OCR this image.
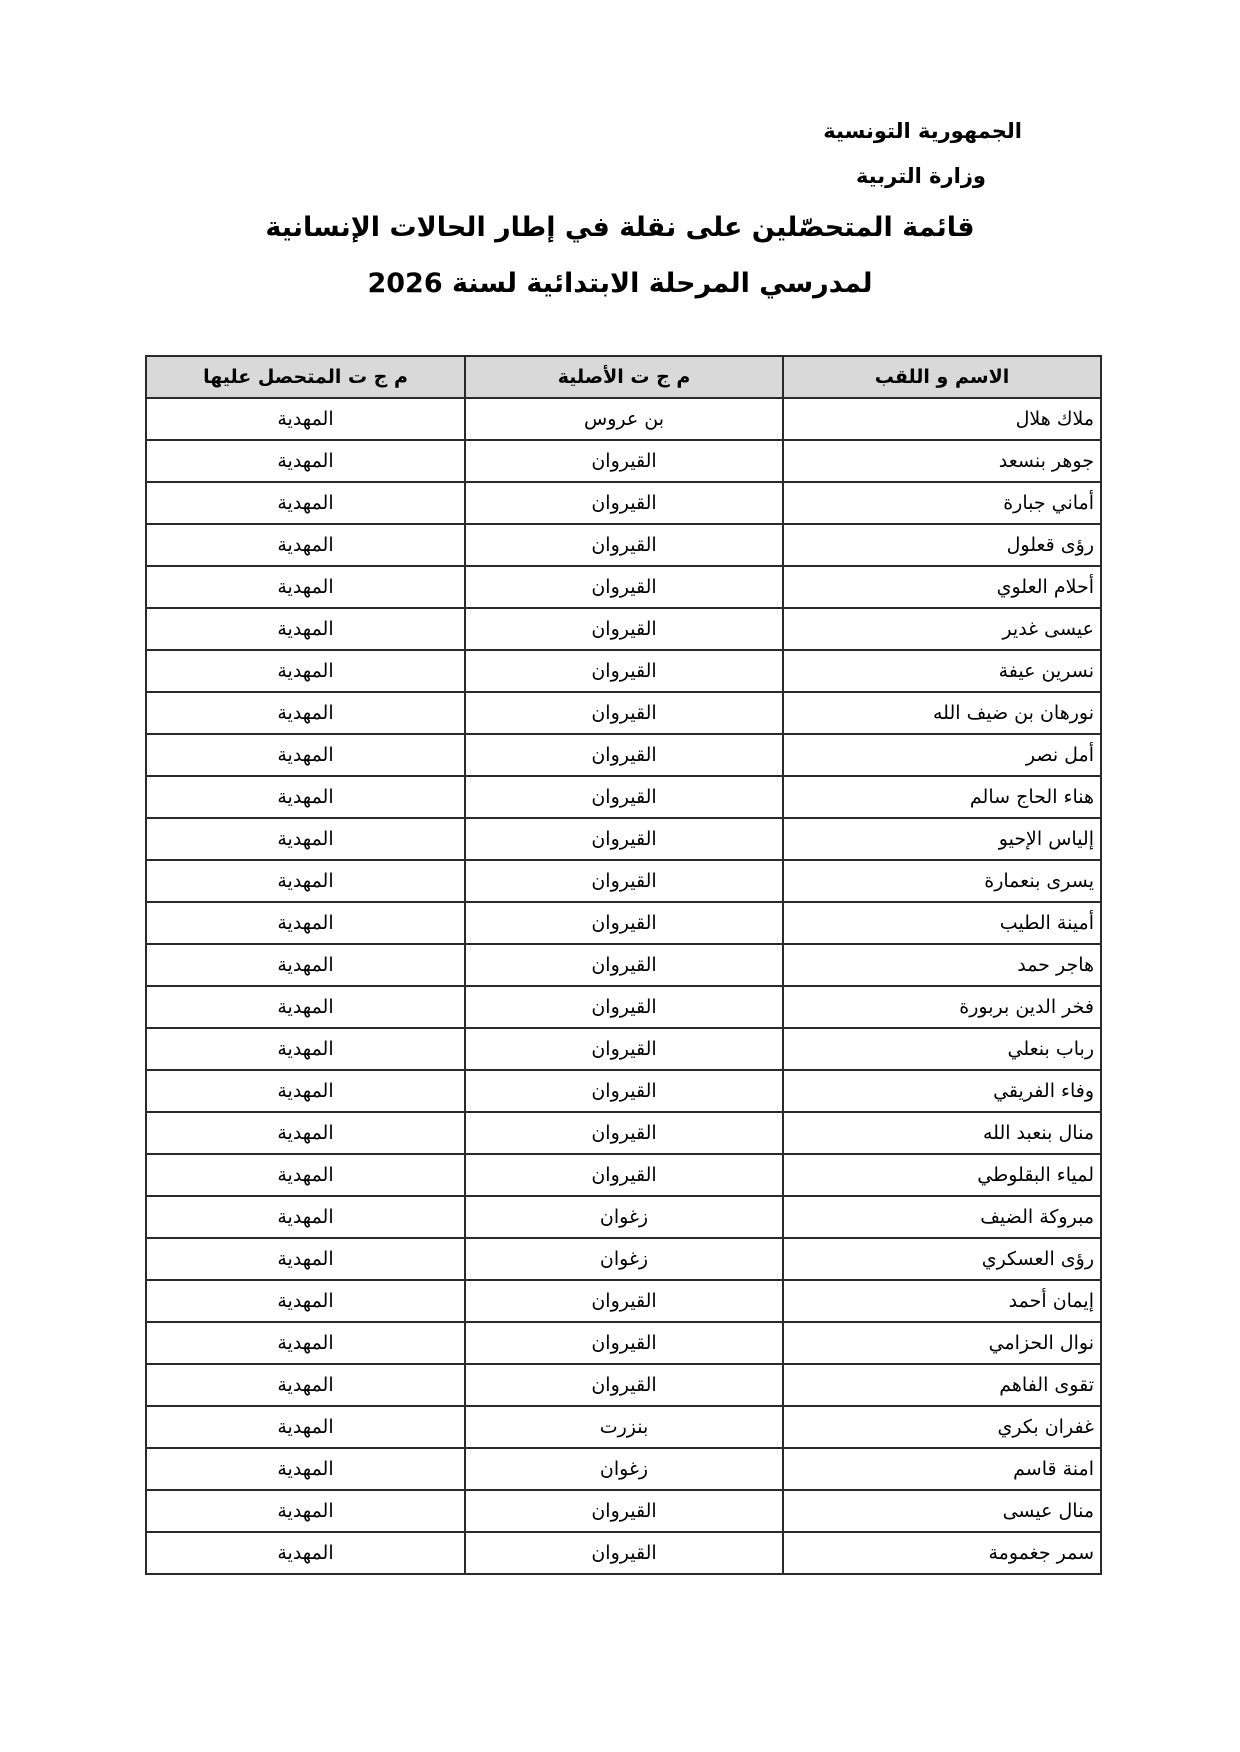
الجمهورية التونسية
وزارة التربية
قائمة المتحصّلين على نقلة في إطار الحالات الإنسانية
لمدرسي المرحلة الابتدائية لسنة 2026
الاسم و اللقب	م ج ت الأصلية	م ج ت المتحصل عليها
ملاك هلال	بن عروس	المهدية
جوهر بنسعد	القيروان	المهدية
أماني جبارة	القيروان	المهدية
رؤى قعلول	القيروان	المهدية
أحلام العلوي	القيروان	المهدية
عيسى غدير	القيروان	المهدية
نسرين عيفة	القيروان	المهدية
نورهان بن ضيف الله	القيروان	المهدية
أمل نصر	القيروان	المهدية
هناء الحاج سالم	القيروان	المهدية
إلياس الإحيو	القيروان	المهدية
يسرى بنعمارة	القيروان	المهدية
أمينة الطيب	القيروان	المهدية
هاجر حمد	القيروان	المهدية
فخر الدين بربورة	القيروان	المهدية
رباب بنعلي	القيروان	المهدية
وفاء الفريقي	القيروان	المهدية
منال بنعبد الله	القيروان	المهدية
لمياء البقلوطي	القيروان	المهدية
مبروكة الضيف	زغوان	المهدية
رؤى العسكري	زغوان	المهدية
إيمان أحمد	القيروان	المهدية
نوال الحزامي	القيروان	المهدية
تقوى الفاهم	القيروان	المهدية
غفران بكري	بنزرت	المهدية
امنة قاسم	زغوان	المهدية
منال عيسى	القيروان	المهدية
سمر جغمومة	القيروان	المهدية
